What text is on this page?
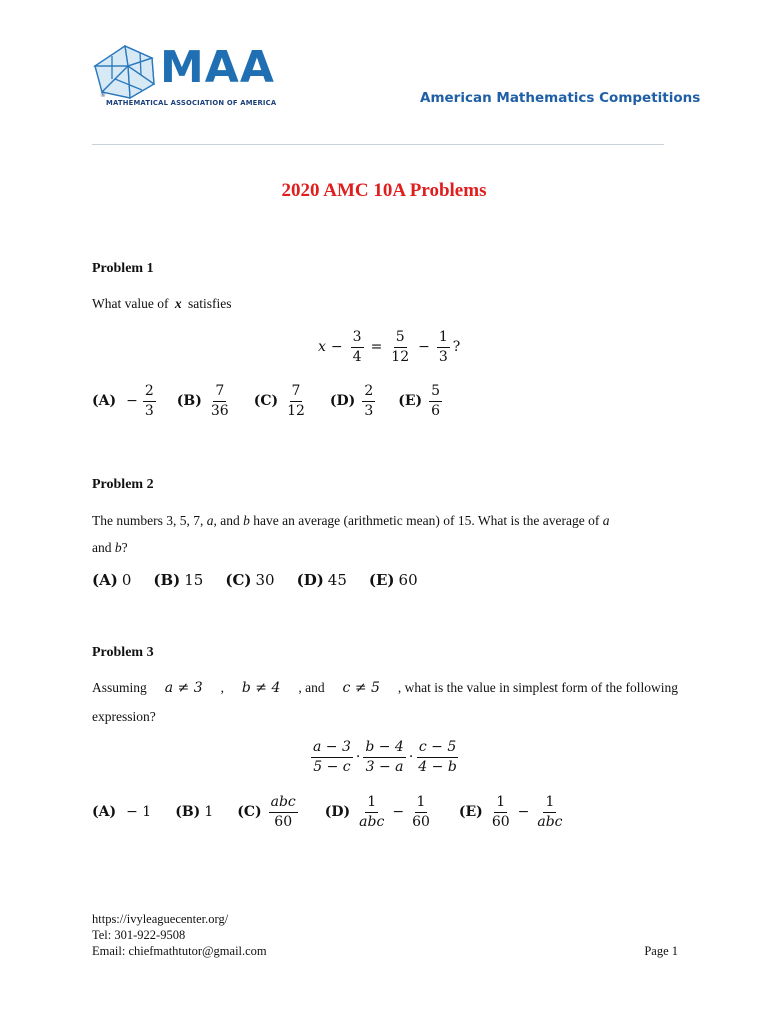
MAA
MATHEMATICAL ASSOCIATION OF AMERICA
®	American Mathematics Competitions
2020 AMC 10A Problems
Problem 1
What value of x satisfies
$x - \frac{3}{4} = \frac{5}{12} - \frac{1}{3}$ ?
$(A) - \frac{2}{3} (B) \frac{7}{36} (C) \frac{7}{12} (D) \frac{2}{3} (E) \frac{5}{6}$
Problem 2
The numbers 3, 5, 7, a, and b have an average (arithmetic mean) of 15. What is the average of a
and b?
(A) 0 (B) 15 (C) 30 (D) 45 (E) 60
Problem 3
Assuming a ≠ 3 , b ≠ 4 , and c ≠ 5 , what is the value in simplest form of the following
expression?
$\frac{a - 3}{5 - c} \cdot \frac{b - 4}{3 - a} \cdot \frac{c - 5}{4 - b}$
(A) − 1 (B) 1 $(C) \frac{\text{abc}}{60} (D) \frac{1}{\text{abc}} - \frac{1}{60} (E) \frac{1}{60} - \frac{1}{\text{abc}}$
https://ivyleaguecenter.org/
Tel: 301-922-9508
Email: chiefmathtutor@gmail.com	Page 1
